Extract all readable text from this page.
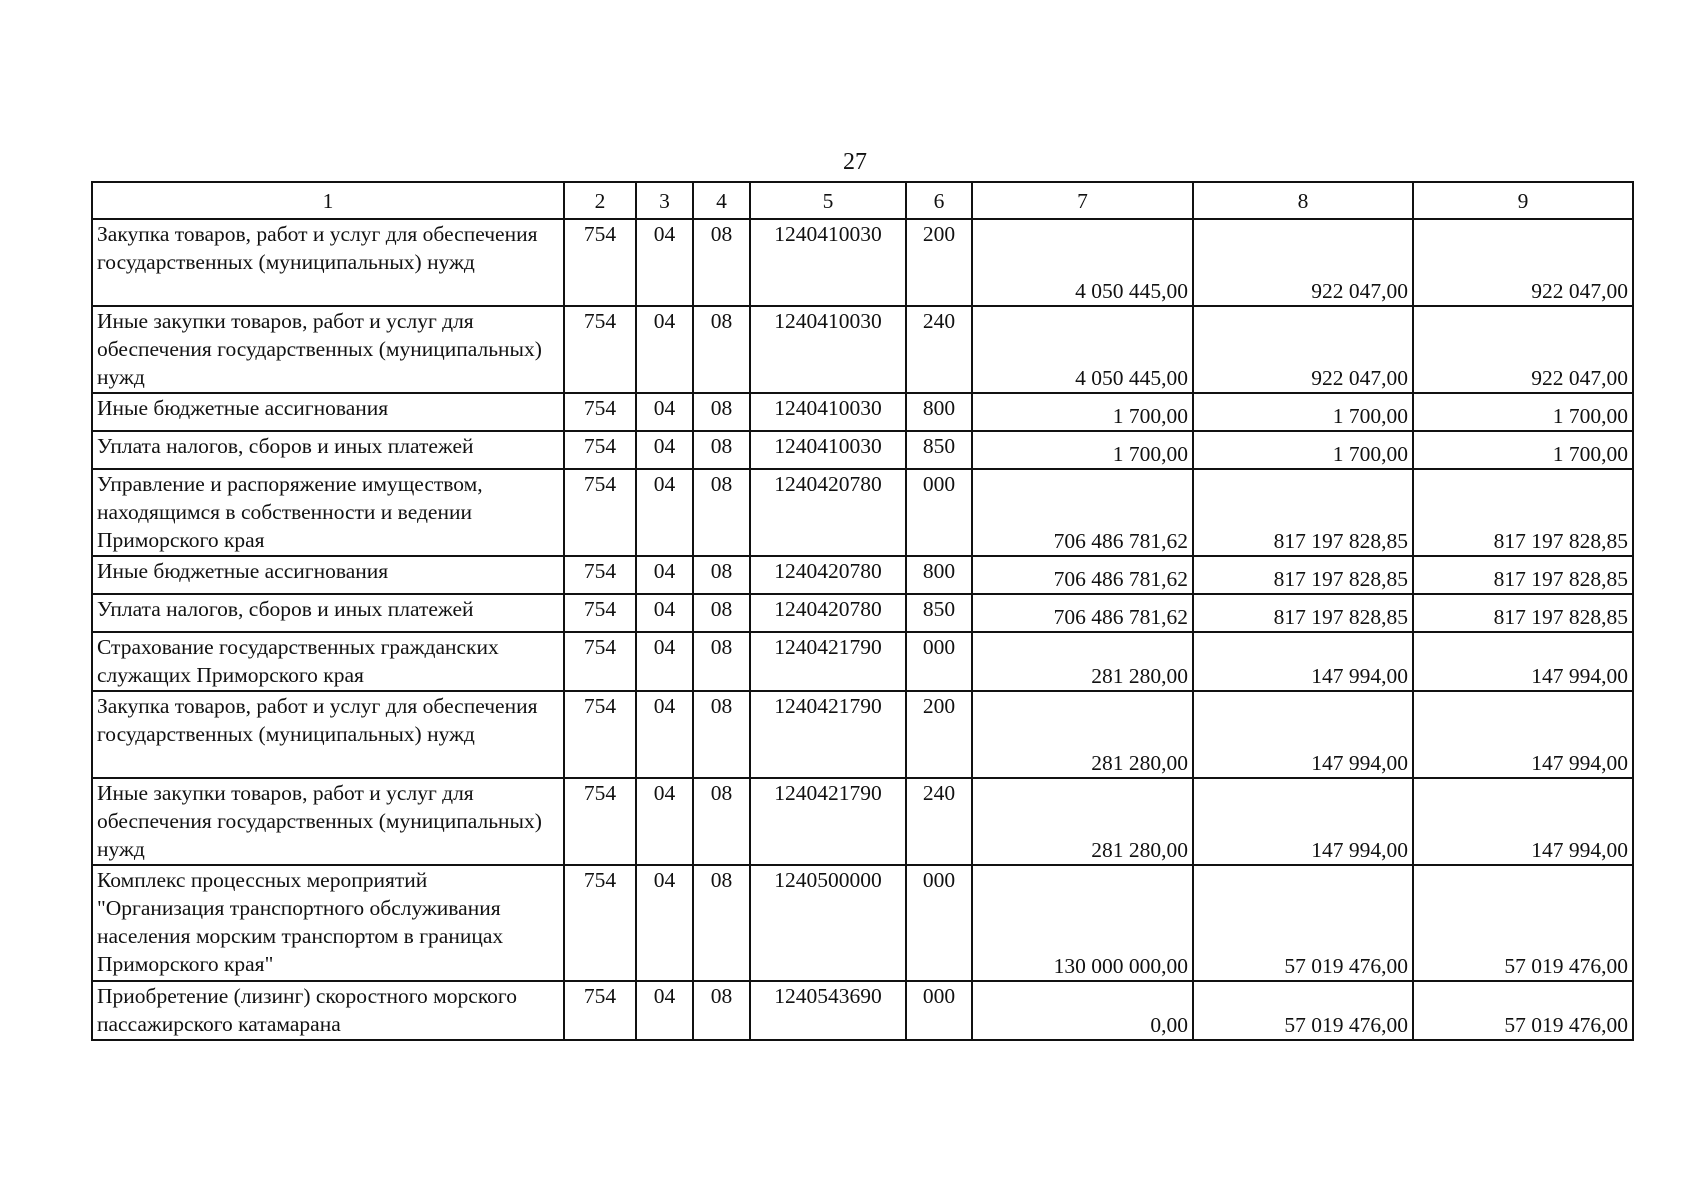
27
1	2	3	4	5	6	7	8	9
Закупка товаров, работ и услуг для обеспечения государственных (муниципальных) нужд	754	04	08	1240410030	200	4 050 445,00	922 047,00	922 047,00
Иные закупки товаров, работ и услуг для обеспечения государственных (муниципальных) нужд	754	04	08	1240410030	240	4 050 445,00	922 047,00	922 047,00
Иные бюджетные ассигнования	754	04	08	1240410030	800	1 700,00	1 700,00	1 700,00
Уплата налогов, сборов и иных платежей	754	04	08	1240410030	850	1 700,00	1 700,00	1 700,00
Управление и распоряжение имуществом, находящимся в собственности и ведении Приморского края	754	04	08	1240420780	000	706 486 781,62	817 197 828,85	817 197 828,85
Иные бюджетные ассигнования	754	04	08	1240420780	800	706 486 781,62	817 197 828,85	817 197 828,85
Уплата налогов, сборов и иных платежей	754	04	08	1240420780	850	706 486 781,62	817 197 828,85	817 197 828,85
Страхование государственных гражданских служащих Приморского края	754	04	08	1240421790	000	281 280,00	147 994,00	147 994,00
Закупка товаров, работ и услуг для обеспечения государственных (муниципальных) нужд	754	04	08	1240421790	200	281 280,00	147 994,00	147 994,00
Иные закупки товаров, работ и услуг для обеспечения государственных (муниципальных) нужд	754	04	08	1240421790	240	281 280,00	147 994,00	147 994,00
Комплекс процессных мероприятий "Организация транспортного обслуживания населения морским транспортом в границах Приморского края"	754	04	08	1240500000	000	130 000 000,00	57 019 476,00	57 019 476,00
Приобретение (лизинг) скоростного морского пассажирского катамарана	754	04	08	1240543690	000	0,00	57 019 476,00	57 019 476,00
